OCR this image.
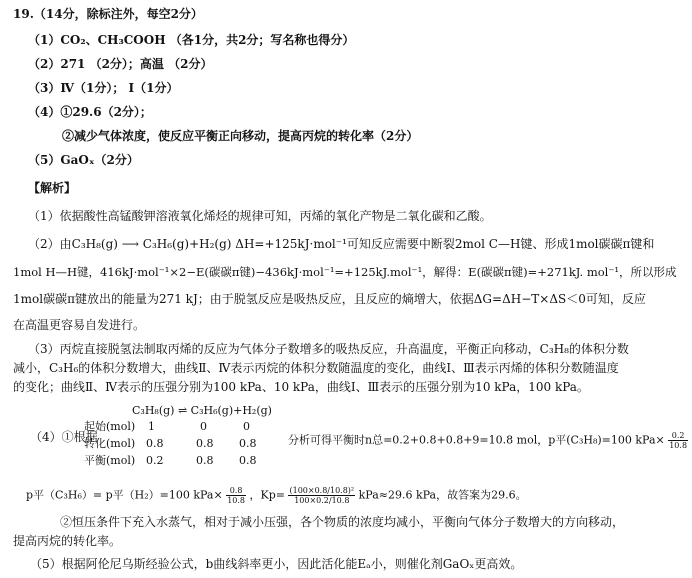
19.（14分，除标注外，每空2分）
（1）CO₂、CH₃COOH （各1分，共2分；写名称也得分）
（2）271 （2分）；高温 （2分）
（3）Ⅳ（1分）； Ⅰ（1分）
（4）①29.6（2分）；
②减少气体浓度，使反应平衡正向移动，提高丙烷的转化率（2分）
（5）GaOₓ（2分）
【解析】
（1）依据酸性高锰酸钾溶液氧化烯烃的规律可知，丙烯的氧化产物是二氧化碳和乙酸。
（2）由C₃H₈(g) ⟶ C₃H₆(g)+H₂(g) ΔH=+125kJ·mol⁻¹可知反应需要中断裂2mol C—H键、形成1mol碳碳π键和
1mol H—H键，416kJ·mol⁻¹×2−E(碳碳π键)−436kJ·mol⁻¹=+125kJ.mol⁻¹，解得：E(碳碳π键)=+271kJ. mol⁻¹，所以形成
1mol碳碳π键放出的能量为271 kJ；由于脱氢反应是吸热反应，且反应的熵增大，依据ΔG=ΔH−T×ΔS＜0可知，反应
在高温更容易自发进行。
（3）丙烷直接脱氢法制取丙烯的反应为气体分子数增多的吸热反应，升高温度，平衡正向移动，C₃H₈的体积分数
减小，C₃H₆的体积分数增大，曲线Ⅱ、Ⅳ表示丙烷的体积分数随温度的变化，曲线Ⅰ、Ⅲ表示丙烯的体积分数随温度
的变化；曲线Ⅱ、Ⅳ表示的压强分别为100 kPa、10 kPa，曲线Ⅰ、Ⅲ表示的压强分别为10 kPa，100 kPa。
（4）①根据
C₃H₈(g) ⇌ C₃H₆(g)+H₂(g)
起始(mol) 1	0	0
转化(mol) 0.8	0.8 0.8
平衡(mol) 0.2	0.8 0.8
分析可得平衡时n总=0.2+0.8+0.8+9=10.8 mol，p平(C₃H₈)=100 $kPa\times \frac{0.2}{10.8}$
p平（C₃H₆）= p平（H₂）=100 $kPa\times \frac{0.8}{10.8}$ ，$Kp= \frac{\text{(100×0.8/10.8)²}}{100\times 0.2/10.8} kPa\approx 29.6$ kPa，故答案为29.6。
②恒压条件下充入水蒸气，相对于减小压强，各个物质的浓度均减小，平衡向气体分子数增大的方向移动，
提高丙烷的转化率。
（5）根据阿伦尼乌斯经验公式，b曲线斜率更小，因此活化能Eₐ小，则催化剂GaOₓ更高效。
